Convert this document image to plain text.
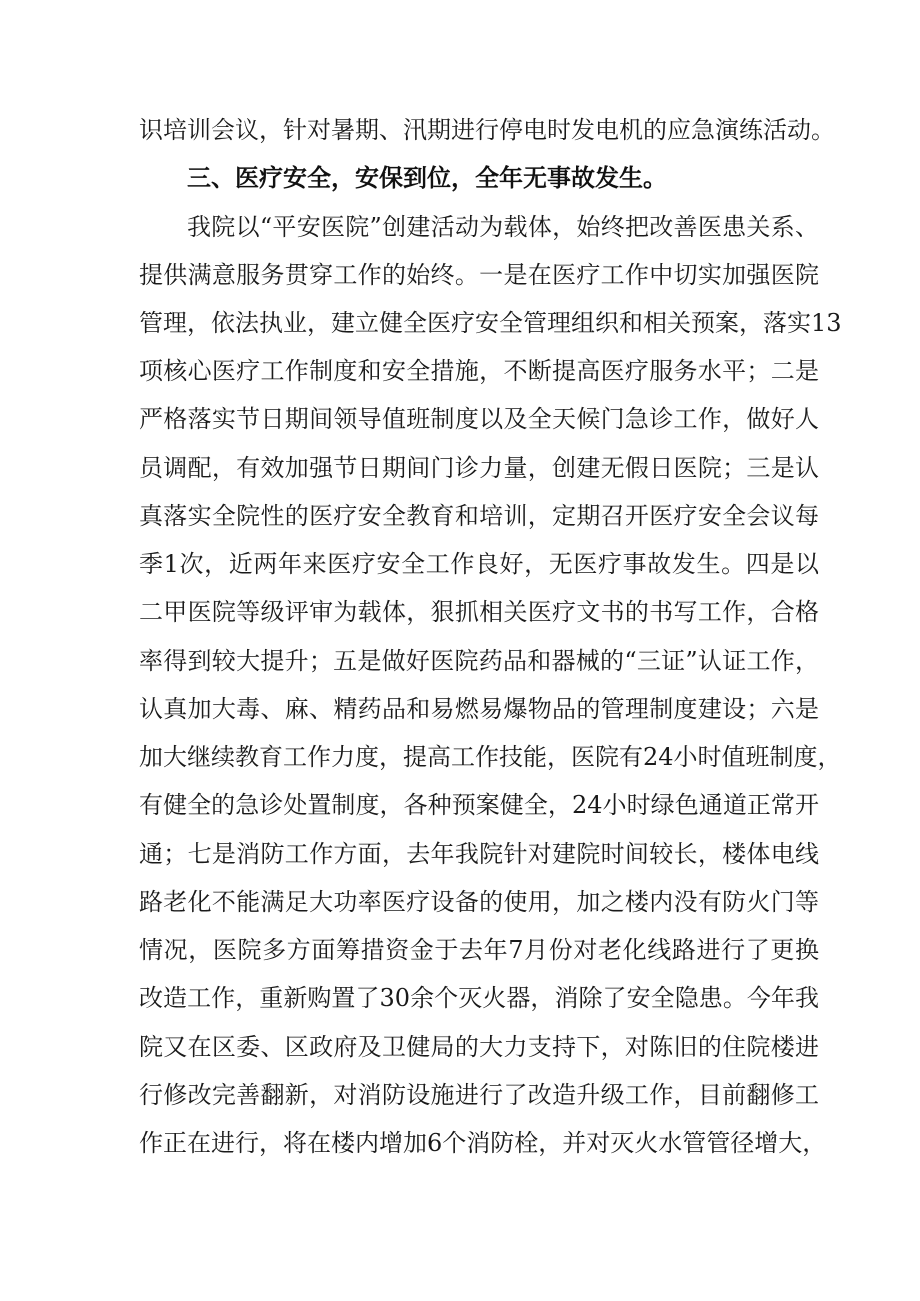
识培训会议，针对暑期、汛期进行停电时发电机的应急演练活动。
三、医疗安全，安保到位，全年无事故发生。
我院以“平安医院”创建活动为载体，始终把改善医患关系、
提供满意服务贯穿工作的始终。一是在医疗工作中切实加强医院
管理，依法执业，建立健全医疗安全管理组织和相关预案，落实13
项核心医疗工作制度和安全措施，不断提高医疗服务水平；二是
严格落实节日期间领导值班制度以及全天候门急诊工作，做好人
员调配，有效加强节日期间门诊力量，创建无假日医院；三是认
真落实全院性的医疗安全教育和培训，定期召开医疗安全会议每
季1次，近两年来医疗安全工作良好，无医疗事故发生。四是以
二甲医院等级评审为载体，狠抓相关医疗文书的书写工作，合格
率得到较大提升；五是做好医院药品和器械的“三证”认证工作，
认真加大毒、麻、精药品和易燃易爆物品的管理制度建设；六是
加大继续教育工作力度，提高工作技能，医院有24小时值班制度，
有健全的急诊处置制度，各种预案健全，24小时绿色通道正常开
通；七是消防工作方面，去年我院针对建院时间较长，楼体电线
路老化不能满足大功率医疗设备的使用，加之楼内没有防火门等
情况，医院多方面筹措资金于去年7月份对老化线路进行了更换
改造工作，重新购置了30余个灭火器，消除了安全隐患。今年我
院又在区委、区政府及卫健局的大力支持下，对陈旧的住院楼进
行修改完善翻新，对消防设施进行了改造升级工作，目前翻修工
作正在进行，将在楼内增加6个消防栓，并对灭火水管管径增大，
